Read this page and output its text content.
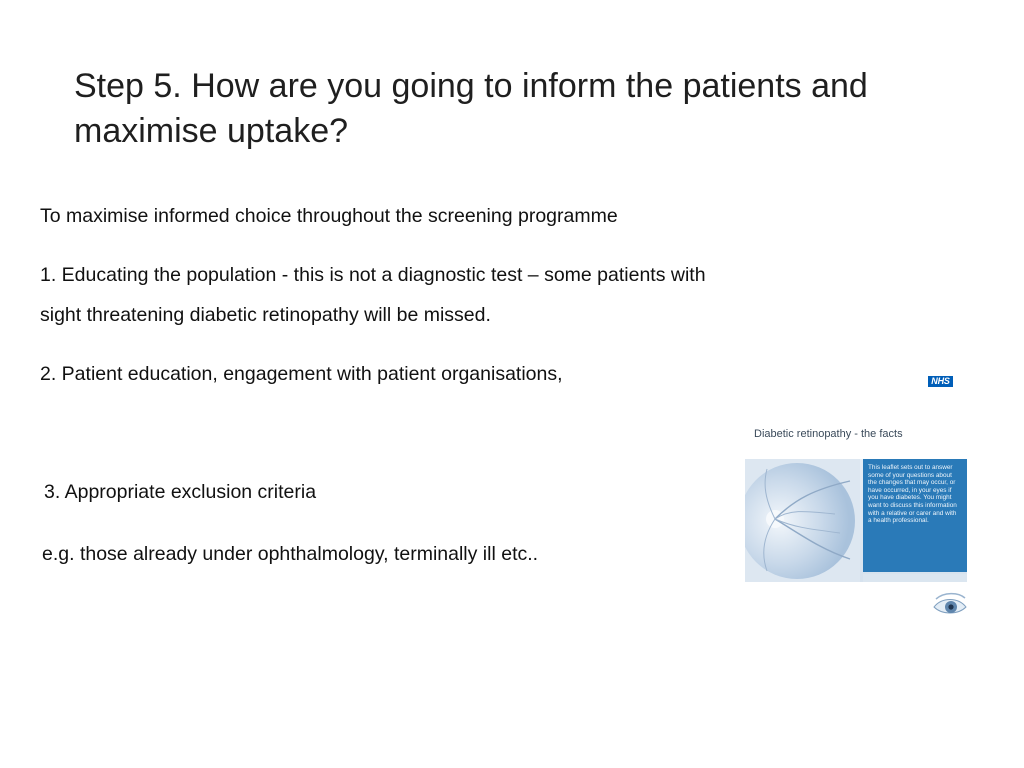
Step 5. How are you going to inform the patients and maximise uptake?
To maximise informed choice throughout the screening programme
1. Educating the population - this is not a diagnostic test – some patients with
sight threatening diabetic retinopathy will be missed.
2. Patient education, engagement with patient organisations,
3. Appropriate exclusion criteria
e.g. those already under ophthalmology, terminally ill etc..
NHS
Diabetic retinopathy - the facts
This leaflet sets out to answer some of your questions about the changes that may occur, or have occurred, in your eyes if you have diabetes. You might want to discuss this information with a relative or carer and with a health professional.
